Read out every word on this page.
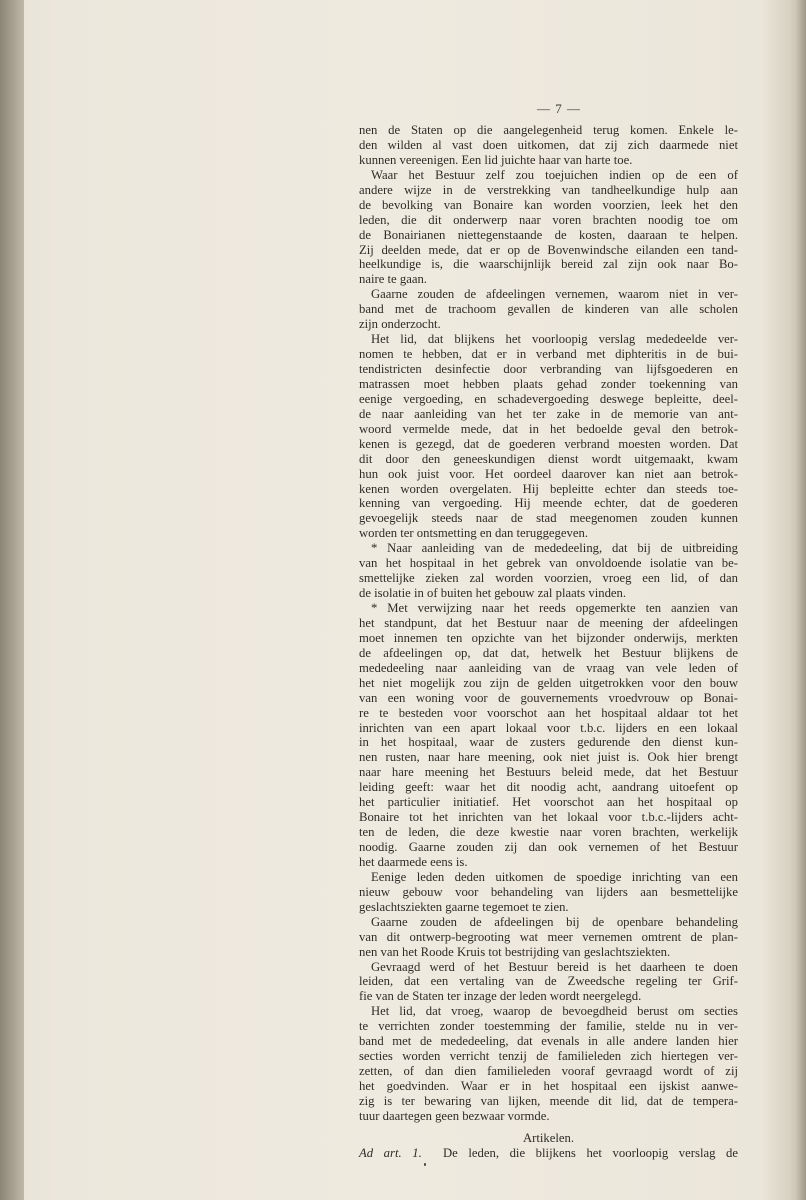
— 7 —
nen de Staten op die aangelegenheid terug komen. Enkele le-
den wilden al vast doen uitkomen, dat zij zich daarmede niet
kunnen vereenigen. Een lid juichte haar van harte toe.
Waar het Bestuur zelf zou toejuichen indien op de een of
andere wijze in de verstrekking van tandheelkundige hulp aan
de bevolking van Bonaire kan worden voorzien, leek het den
leden, die dit onderwerp naar voren brachten noodig toe om
de Bonairianen niettegenstaande de kosten, daaraan te helpen.
Zij deelden mede, dat er op de Bovenwindsche eilanden een tand-
heelkundige is, die waarschijnlijk bereid zal zijn ook naar Bo-
naire te gaan.
Gaarne zouden de afdeelingen vernemen, waarom niet in ver-
band met de trachoom gevallen de kinderen van alle scholen
zijn onderzocht.
Het lid, dat blijkens het voorloopig verslag mededeelde ver-
nomen te hebben, dat er in verband met diphteritis in de bui-
tendistricten desinfectie door verbranding van lijfsgoederen en
matrassen moet hebben plaats gehad zonder toekenning van
eenige vergoeding, en schadevergoeding deswege bepleitte, deel-
de naar aanleiding van het ter zake in de memorie van ant-
woord vermelde mede, dat in het bedoelde geval den betrok-
kenen is gezegd, dat de goederen verbrand moesten worden. Dat
dit door den geneeskundigen dienst wordt uitgemaakt, kwam
hun ook juist voor. Het oordeel daarover kan niet aan betrok-
kenen worden overgelaten. Hij bepleitte echter dan steeds toe-
kenning van vergoeding. Hij meende echter, dat de goederen
gevoegelijk steeds naar de stad meegenomen zouden kunnen
worden ter ontsmetting en dan teruggegeven.
* Naar aanleiding van de mededeeling, dat bij de uitbreiding
van het hospitaal in het gebrek van onvoldoende isolatie van be-
smettelijke zieken zal worden voorzien, vroeg een lid, of dan
de isolatie in of buiten het gebouw zal plaats vinden.
* Met verwijzing naar het reeds opgemerkte ten aanzien van
het standpunt, dat het Bestuur naar de meening der afdeelingen
moet innemen ten opzichte van het bijzonder onderwijs, merkten
de afdeelingen op, dat dat, hetwelk het Bestuur blijkens de
mededeeling naar aanleiding van de vraag van vele leden of
het niet mogelijk zou zijn de gelden uitgetrokken voor den bouw
van een woning voor de gouvernements vroedvrouw op Bonai-
re te besteden voor voorschot aan het hospitaal aldaar tot het
inrichten van een apart lokaal voor t.b.c. lijders en een lokaal
in het hospitaal, waar de zusters gedurende den dienst kun-
nen rusten, naar hare meening, ook niet juist is. Ook hier brengt
naar hare meening het Bestuurs beleid mede, dat het Bestuur
leiding geeft: waar het dit noodig acht, aandrang uitoefent op
het particulier initiatief. Het voorschot aan het hospitaal op
Bonaire tot het inrichten van het lokaal voor t.b.c.-lijders acht-
ten de leden, die deze kwestie naar voren brachten, werkelijk
noodig. Gaarne zouden zij dan ook vernemen of het Bestuur
het daarmede eens is.
Eenige leden deden uitkomen de spoedige inrichting van een
nieuw gebouw voor behandeling van lijders aan besmettelijke
geslachtsziekten gaarne tegemoet te zien.
Gaarne zouden de afdeelingen bij de openbare behandeling
van dit ontwerp-begrooting wat meer vernemen omtrent de plan-
nen van het Roode Kruis tot bestrijding van geslachtsziekten.
Gevraagd werd of het Bestuur bereid is het daarheen te doen
leiden, dat een vertaling van de Zweedsche regeling ter Grif-
fie van de Staten ter inzage der leden wordt neergelegd.
Het lid, dat vroeg, waarop de bevoegdheid berust om secties
te verrichten zonder toestemming der familie, stelde nu in ver-
band met de mededeeling, dat evenals in alle andere landen hier
secties worden verricht tenzij de familieleden zich hiertegen ver-
zetten, of dan dien familieleden vooraf gevraagd wordt of zij
het goedvinden. Waar er in het hospitaal een ijskist aanwe-
zig is ter bewaring van lijken, meende dit lid, dat de tempera-
tuur daartegen geen bezwaar vormde.
Artikelen.
Ad art. 1. De leden, die blijkens het voorloopig verslag de
